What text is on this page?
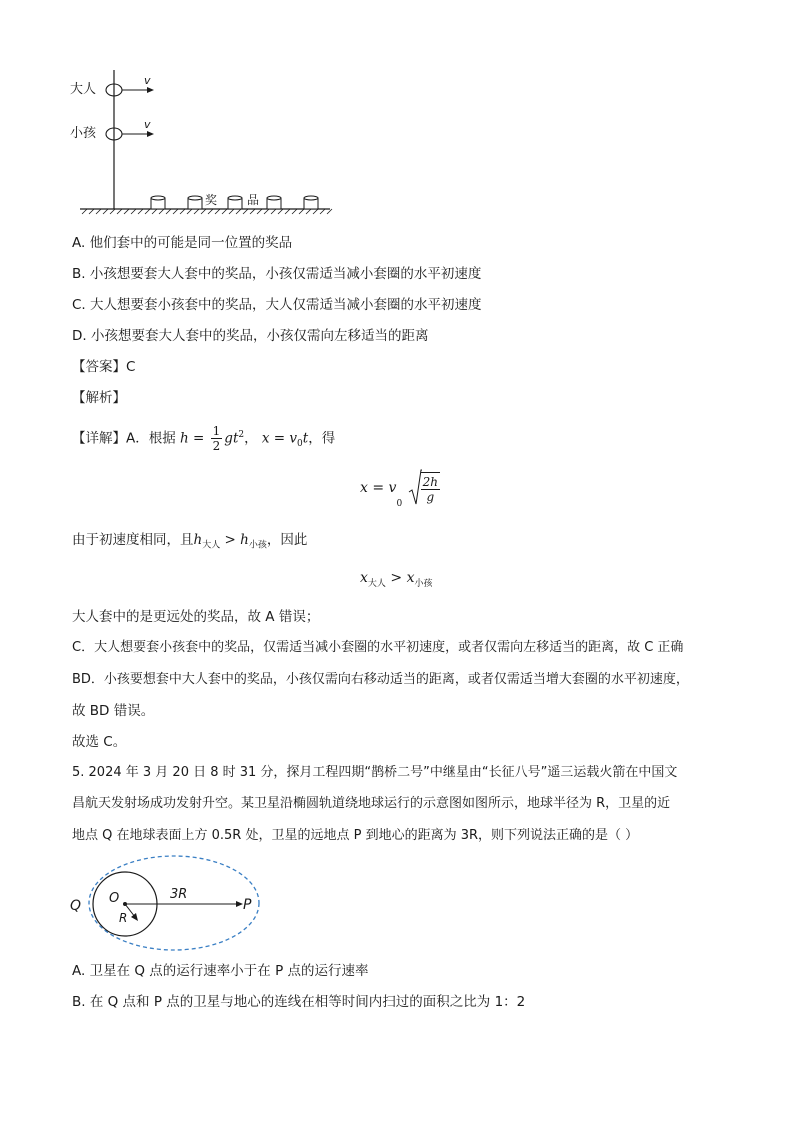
大人
小孩
v
v
奖 品
A. 他们套中的可能是同一位置的奖品
B. 小孩想要套大人套中的奖品，小孩仅需适当减小套圈的水平初速度
C. 大人想要套小孩套中的奖品，大人仅需适当减小套圈的水平初速度
D. 小孩想要套大人套中的奖品，小孩仅需向左移适当的距离
【答案】C
【解析】
【详解】A．根据 $h = \frac{1}{2} gt^2$， $x = v_0t$，得
$x = v_0 \frac{2h}{g}$
由于初速度相同，且$h_{大人} > h_{小孩}$，因此
$x_{大人} > x_{小孩}$
大人套中的是更远处的奖品，故 A 错误；
C．大人想要套小孩套中的奖品，仅需适当减小套圈的水平初速度，或者仅需向左移适当的距离，故 C 正确
BD．小孩要想套中大人套中的奖品，小孩仅需向右移动适当的距离，或者仅需适当增大套圈的水平初速度，
故 BD 错误。
故选 C。
5. 2024 年 3 月 20 日 8 时 31 分，探月工程四期“鹊桥二号”中继星由“长征八号”遥三运载火箭在中国文
昌航天发射场成功发射升空。某卫星沿椭圆轨道绕地球运行的示意图如图所示，地球半径为 R，卫星的近
地点 Q 在地球表面上方 0.5R 处，卫星的远地点 P 到地心的距离为 3R，则下列说法正确的是（ ）
Q O
R
3R
P
A. 卫星在 Q 点的运行速率小于在 P 点的运行速率
B. 在 Q 点和 P 点的卫星与地心的连线在相等时间内扫过的面积之比为 1：2
